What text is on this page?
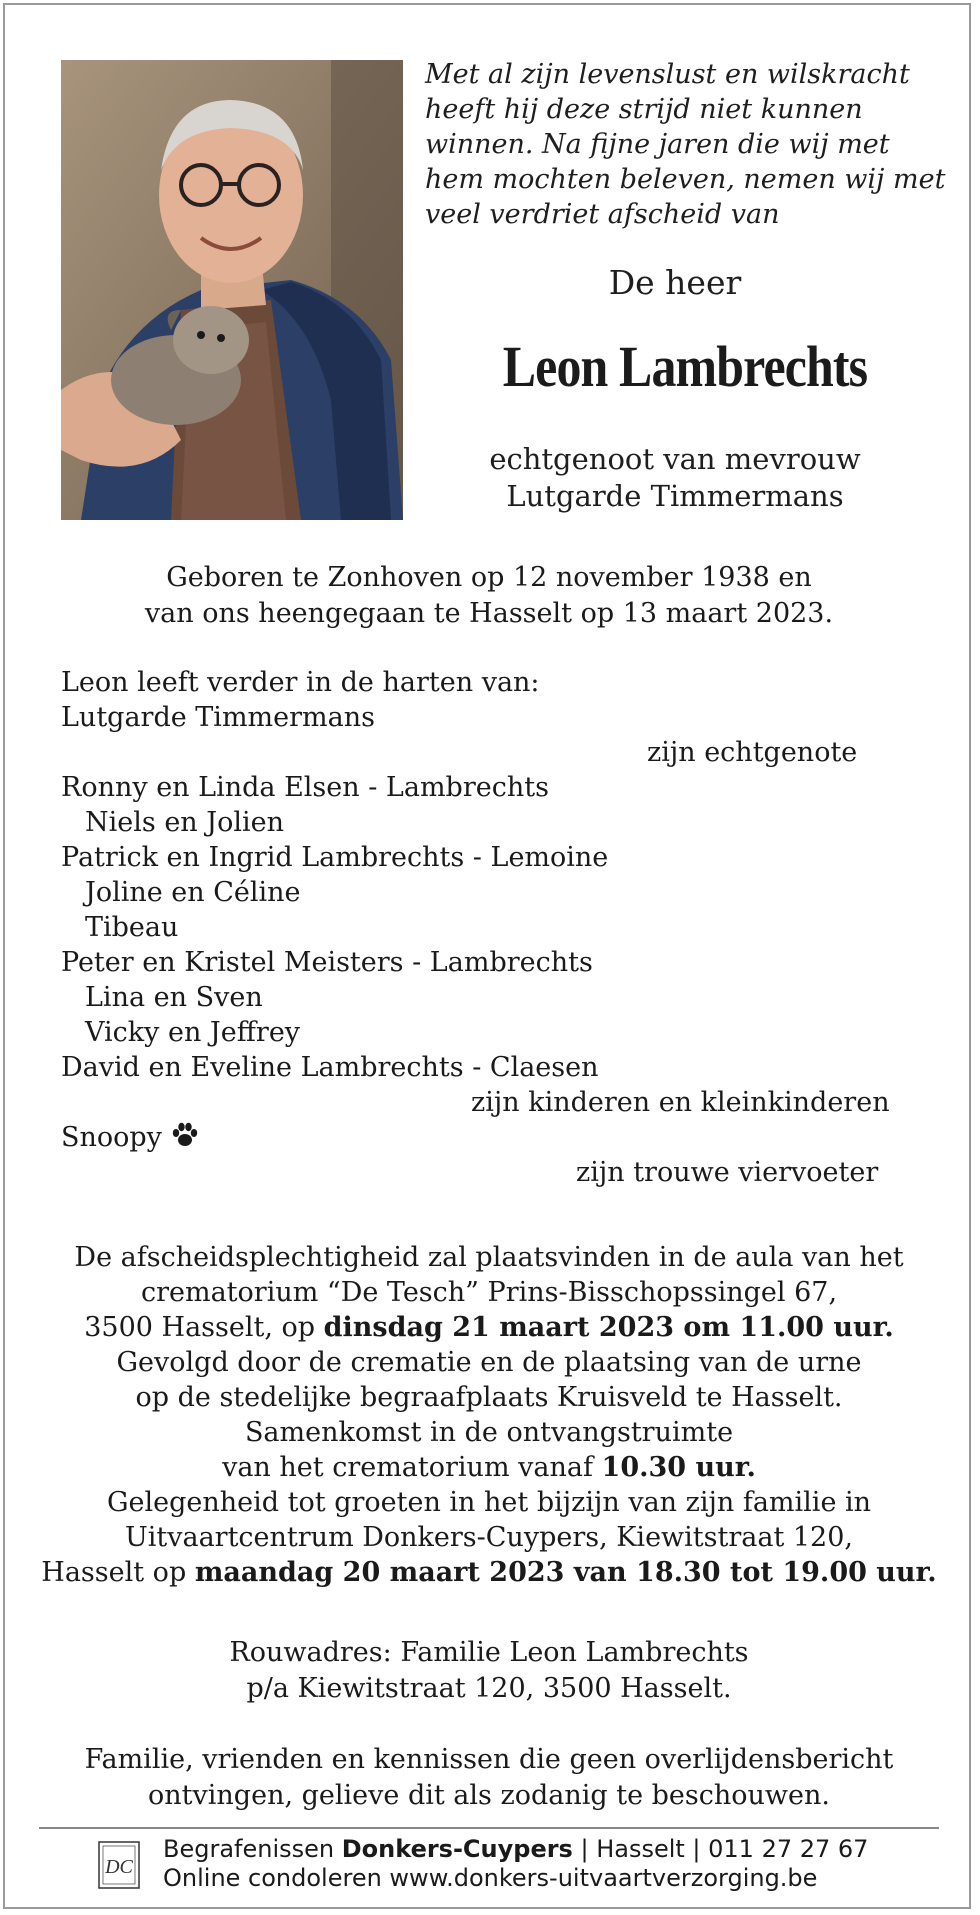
Met al zijn levenslust en wilskracht
heeft hij deze strijd niet kunnen
winnen. Na fijne jaren die wij met
hem mochten beleven, nemen wij met
veel verdriet afscheid van
De heer
Leon Lambrechts
echtgenoot van mevrouw
Lutgarde Timmermans
Geboren te Zonhoven op 12 november 1938 en
van ons heengegaan te Hasselt op 13 maart 2023.
Leon leeft verder in de harten van:
Lutgarde Timmermans
zijn echtgenote
Ronny en Linda Elsen - Lambrechts
Niels en Jolien
Patrick en Ingrid Lambrechts - Lemoine
Joline en Céline
Tibeau
Peter en Kristel Meisters - Lambrechts
Lina en Sven
Vicky en Jeffrey
David en Eveline Lambrechts - Claesen
zijn kinderen en kleinkinderen
Snoopy
zijn trouwe viervoeter
De afscheidsplechtigheid zal plaatsvinden in de aula van het
crematorium “De Tesch” Prins-Bisschopssingel 67,
3500 Hasselt, op dinsdag 21 maart 2023 om 11.00 uur.
Gevolgd door de crematie en de plaatsing van de urne
op de stedelijke begraafplaats Kruisveld te Hasselt.
Samenkomst in de ontvangstruimte
van het crematorium vanaf 10.30 uur.
Gelegenheid tot groeten in het bijzijn van zijn familie in
Uitvaartcentrum Donkers-Cuypers, Kiewitstraat 120,
Hasselt op maandag 20 maart 2023 van 18.30 tot 19.00 uur.
Rouwadres: Familie Leon Lambrechts
p/a Kiewitstraat 120, 3500 Hasselt.
Familie, vrienden en kennissen die geen overlijdensbericht
ontvingen, gelieve dit als zodanig te beschouwen.
DC
Begrafenissen Donkers-Cuypers | Hasselt | 011 27 27 67
Online condoleren www.donkers-uitvaartverzorging.be
